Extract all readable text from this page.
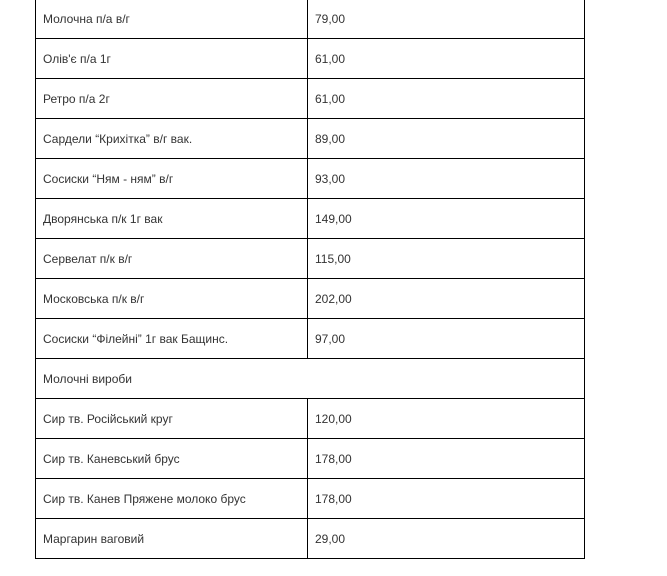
Молочна п/а в/г	79,00
Олів'є п/а 1г	61,00
Ретро п/а 2г	61,00
Сардели “Крихітка” в/г вак.	89,00
Сосиски “Ням - ням” в/г	93,00
Дворянська п/к 1г вак	149,00
Сервелат п/к в/г	115,00
Московська п/к в/г	202,00
Сосиски “Філейні” 1г вак Бащинс.	97,00
Молочні вироби	
Сир тв. Російський круг	120,00
Сир тв. Каневський брус	178,00
Сир тв. Канев Пряжене молоко брус	178,00
Маргарин ваговий	29,00
